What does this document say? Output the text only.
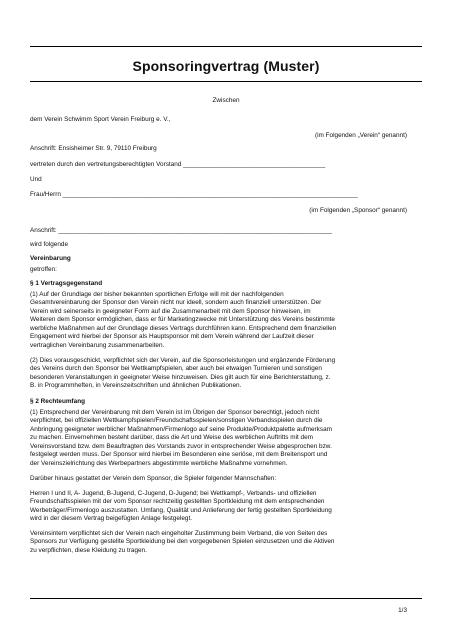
Sponsoringvertrag (Muster)
Zwischen
dem Verein Schwimm Sport Verein Freiburg e. V.,
(im Folgenden „Verein“ genannt)
Anschrift: Ensisheimer Str. 9, 79110 Freiburg
vertreten durch den vertretungsberechtigten Vorstand ________________________________________
Und
Frau/Herrn ___________________________________________________________________________________
(im Folgenden „Sponsor“ genannt)
Anschrift: _____________________________________________________________________________
wird folgende
Vereinbarung
getroffen:
§ 1 Vertragsgegenstand
(1) Auf der Grundlage der bisher bekannten sportlichen Erfolge will mit der nachfolgenden
Gesamtvereinbarung der Sponsor den Verein nicht nur ideell, sondern auch finanziell unterstützen. Der
Verein wird seinerseits in geeigneter Form auf die Zusammenarbeit mit dem Sponsor hinweisen, im
Weiteren dem Sponsor ermöglichen, dass er für Marketingzwecke mit Unterstützung des Vereins bestimmte
werbliche Maßnahmen auf der Grundlage dieses Vertrags durchführen kann. Entsprechend dem finanziellen
Engagement wird hierbei der Sponsor als Hauptsponsor mit dem Verein während der Laufzeit dieser
vertraglichen Vereinbarung zusammenarbeiten.
(2) Dies vorausgeschickt, verpflichtet sich der Verein, auf die Sponsorleistungen und ergänzende Förderung
des Vereins durch den Sponsor bei Wettkampfspielen, aber auch bei etwaigen Turnieren und sonstigen
besonderen Veranstaltungen in geeigneter Weise hinzuweisen. Dies gilt auch für eine Berichterstattung, z.
B. in Programmheften, in Vereinszeitschriften und ähnlichen Publikationen.
§ 2 Rechteumfang
(1) Entsprechend der Vereinbarung mit dem Verein ist im Übrigen der Sponsor berechtigt, jedoch nicht
verpflichtet, bei offiziellen Wettkampfspielen/Freundschaftsspielen/sonstigen Verbandsspielen durch die
Anbringung geeigneter werblicher Maßnahmen/Firmenlogo auf seine Produkte/Produktpalette aufmerksam
zu machen. Einvernehmen besteht darüber, dass die Art und Weise des werblichen Auftritts mit dem
Vereinsvorstand bzw. dem Beauftragten des Vorstands zuvor in entsprechender Weise abgesprochen bzw.
festgelegt werden muss. Der Sponsor wird hierbei im Besonderen eine seriöse, mit dem Breitensport und
der Vereinszielrichtung des Werbepartners abgestimmte werbliche Maßnahme vornehmen.
Darüber hinaus gestattet der Verein dem Sponsor, die Spieler folgender Mannschaften:
Herren I und II, A- Jugend, B-Jugend, C-Jugend, D-Jugend; bei Wettkampf-, Verbands- und offiziellen
Freundschaftsspielen mit der vom Sponsor rechtzeitig gestellten Sportkleidung mit dem entsprechenden
Werbeträger/Firmenlogo auszustatten. Umfang, Qualität und Anlieferung der fertig gestellten Sportkleidung
wird in der diesem Vertrag beigefügten Anlage festgelegt.
Vereinsintern verpflichtet sich der Verein nach eingeholter Zustimmung beim Verband, die von Seiten des
Sponsors zur Verfügung gestellte Sportkleidung bei den vorgegebenen Spielen einzusetzen und die Aktiven
zu verpflichten, diese Kleidung zu tragen.
1/3
